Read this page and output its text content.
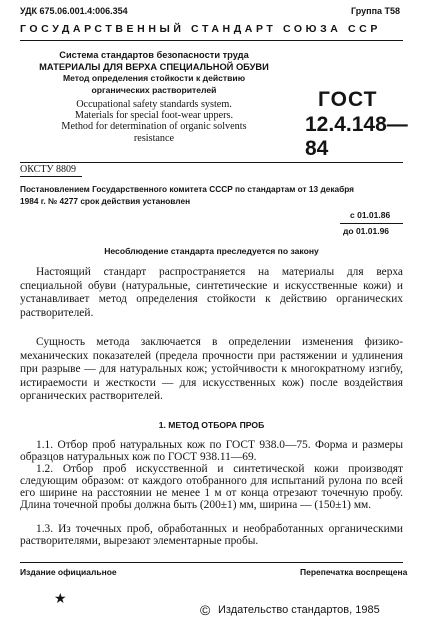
УДК 675.06.001.4:006.354	Группа Т58
ГОСУДАРСТВЕННЫЙ СТАНДАРТ СОЮЗА ССР
Система стандартов безопасности труда
МАТЕРИАЛЫ ДЛЯ ВЕРХА СПЕЦИАЛЬНОЙ ОБУВИ
Метод определения стойкости к действию
органических растворителей
Occupational safety standards system.
Materials for special foot-wear uppers.
Method for determination of organic solvents
resistance
ГОСТ
12.4.148—84
ОКСТУ 8809
Постановлением Государственного комитета СССР по стандартам от 13 декабря
1984 г. № 4277 срок действия установлен
с 01.01.86
до 01.01.96
Несоблюдение стандарта преследуется по закону
Настоящий стандарт распространяется на материалы для верха специальной обуви (натуральные, синтетические и искусственные кожи) и устанавливает метод определения стойкости к действию органических растворителей.
Сущность метода заключается в определении изменения физико-механических показателей (предела прочности при растяжении и удлинения при разрыве — для натуральных кож; устойчивости к многократному изгибу, истираемости и жесткости — для искусственных кож) после воздействия органических растворителей.
1. МЕТОД ОТБОРА ПРОБ
1.1. Отбор проб натуральных кож по ГОСТ 938.0—75. Форма и размеры образцов натуральных кож по ГОСТ 938.11—69.
1.2. Отбор проб искусственной и синтетической кожи производят следующим образом: от каждого отобранного для испытаний рулона по всей его ширине на расстоянии не менее 1 м от конца отрезают точечную пробу. Длина точечной пробы должна быть (200±1) мм, ширина — (150±1) мм.
1.3. Из точечных проб, обработанных и необработанных органическими растворителями, вырезают элементарные пробы.
Издание официальное	Перепечатка воспрещена
★
© Издательство стандартов, 1985
